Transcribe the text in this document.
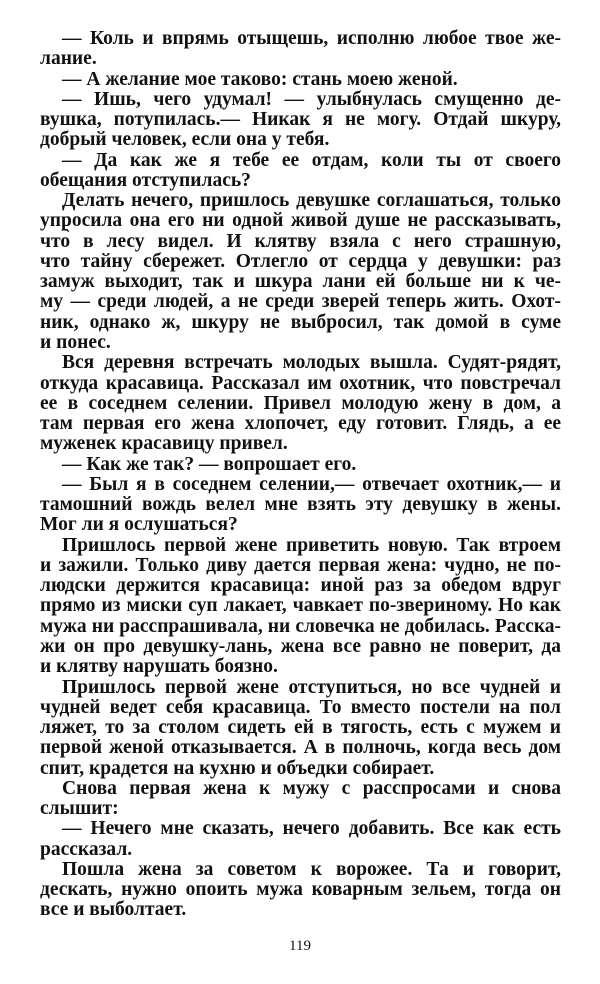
— Коль и впрямь отыщешь, исполню любое твое же-
лание.
— А желание мое таково: стань моею женой.
— Ишь, чего удумал! — улыбнулась смущенно де-
вушка, потупилась.— Никак я не могу. Отдай шкуру,
добрый человек, если она у тебя.
— Да как же я тебе ее отдам, коли ты от своего
обещания отступилась?
Делать нечего, пришлось девушке соглашаться, только
упросила она его ни одной живой душе не рассказывать,
что̀ в лесу видел. И клятву взяла с него страшную,
что тайну сбережет. Отлегло от сердца у девушки: раз
замуж выходит, так и шкура лани ей больше ни к че-
му — среди людей, а не среди зверей теперь жить. Охот-
ник, однако ж, шкуру не выбросил, так домой в суме
и понес.
Вся деревня встречать молодых вышла. Судят-рядят,
откуда красавица. Рассказал им охотник, что повстречал
ее в соседнем селении. Привел молодую жену в дом, а
там первая его жена хлопочет, еду готовит. Глядь, а ее
муженек красавицу привел.
— Как же так? — вопрошает его.
— Был я в соседнем селении,— отвечает охотник,— и
тамошний вождь велел мне взять эту девушку в жены.
Мог ли я ослушаться?
Пришлось первой жене приветить новую. Так втроем
и зажили. Только диву дается первая жена: чудно, не по-
людски держится красавица: иной раз за обедом вдруг
прямо из миски суп лакает, чавкает по-звериному. Но как
мужа ни расспрашивала, ни словечка не добилась. Расска-
жи он про девушку-лань, жена все равно не поверит, да
и клятву нарушать боязно.
Пришлось первой жене отступиться, но все чудней и
чудней ведет себя красавица. То вместо постели на пол
ляжет, то за столом сидеть ей в тягость, есть с мужем и
первой женой отказывается. А в полночь, когда весь дом
спит, крадется на кухню и объедки собирает.
Снова первая жена к мужу с расспросами и снова
слышит:
— Нечего мне сказать, нечего добавить. Все как есть
рассказал.
Пошла жена за советом к ворожее. Та и говорит,
дескать, нужно опоить мужа коварным зельем, тогда он
все и выболтает.
119
